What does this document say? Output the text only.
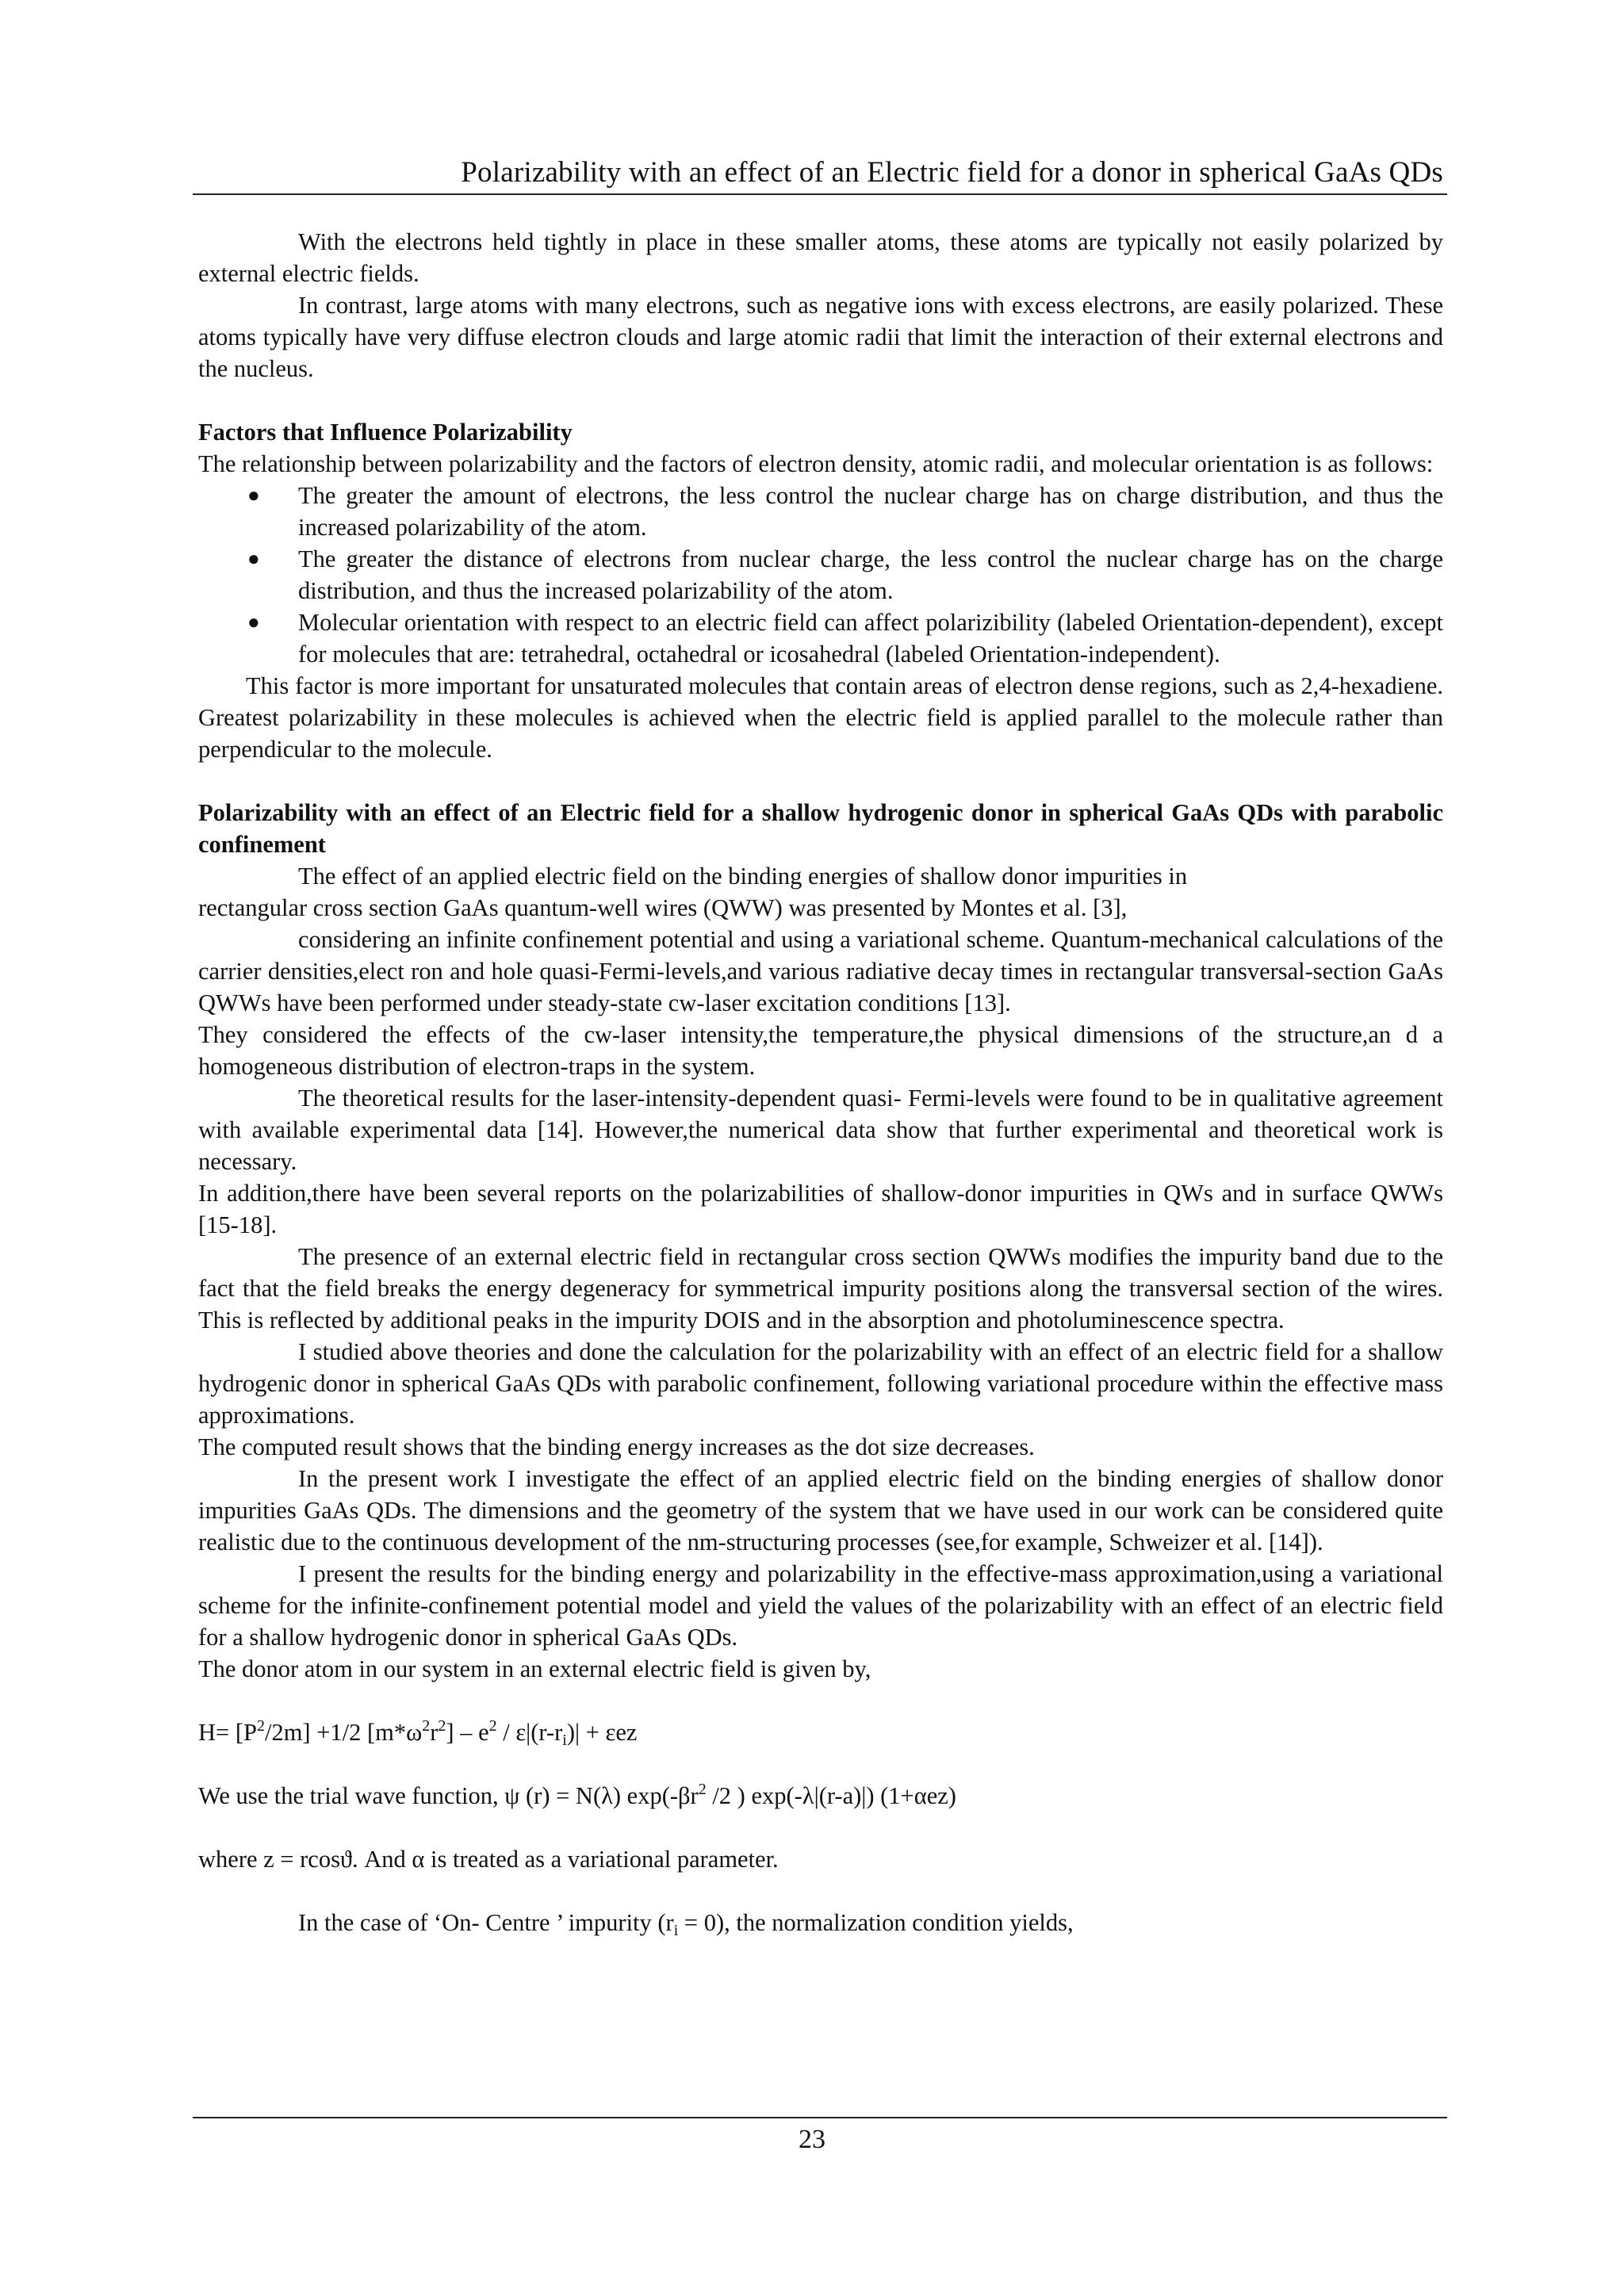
Polarizability with an effect of an Electric field for a donor in spherical GaAs QDs

With the electrons held tightly in place in these smaller atoms, these atoms are typically not easily polarized by external electric fields.

In contrast, large atoms with many electrons, such as negative ions with excess electrons, are easily polarized. These atoms typically have very diffuse electron clouds and large atomic radii that limit the interaction of their external electrons and the nucleus.

Factors that Influence Polarizability

The relationship between polarizability and the factors of electron density, atomic radii, and molecular orientation is as follows:

● The greater the amount of electrons, the less control the nuclear charge has on charge distribution, and thus the increased polarizability of the atom.
● The greater the distance of electrons from nuclear charge, the less control the nuclear charge has on the charge distribution, and thus the increased polarizability of the atom.
● Molecular orientation with respect to an electric field can affect polarizibility (labeled Orientation-dependent), except for molecules that are: tetrahedral, octahedral or icosahedral (labeled Orientation-independent).

This factor is more important for unsaturated molecules that contain areas of electron dense regions, such as 2,4-hexadiene. Greatest polarizability in these molecules is achieved when the electric field is applied parallel to the molecule rather than perpendicular to the molecule.

Polarizability with an effect of an Electric field for a shallow hydrogenic donor in spherical GaAs QDs with parabolic confinement

The effect of an applied electric field on the binding energies of shallow donor impurities in

rectangular cross section GaAs quantum-well wires (QWW) was presented by Montes et al. [3],

considering an infinite confinement potential and using a variational scheme. Quantum-mechanical calculations of the carrier densities,elect ron and hole quasi-Fermi-levels,and various radiative decay times in rectangular transversal-section GaAs QWWs have been performed under steady-state cw-laser excitation conditions [13].

They considered the effects of the cw-laser intensity,the temperature,the physical dimensions of the structure,an d a homogeneous distribution of electron-traps in the system.

The theoretical results for the laser-intensity-dependent quasi- Fermi-levels were found to be in qualitative agreement with available experimental data [14]. However,the numerical data show that further experimental and theoretical work is necessary.

In addition,there have been several reports on the polarizabilities of shallow-donor impurities in QWs and in surface QWWs [15-18].

The presence of an external electric field in rectangular cross section QWWs modifies the impurity band due to the fact that the field breaks the energy degeneracy for symmetrical impurity positions along the transversal section of the wires. This is reflected by additional peaks in the impurity DOIS and in the absorption and photoluminescence spectra.

I studied above theories and done the calculation for the polarizability with an effect of an electric field for a shallow hydrogenic donor in spherical GaAs QDs with parabolic confinement, following variational procedure within the effective mass approximations.

The computed result shows that the binding energy increases as the dot size decreases.

In the present work I investigate the effect of an applied electric field on the binding energies of shallow donor impurities GaAs QDs. The dimensions and the geometry of the system that we have used in our work can be considered quite realistic due to the continuous development of the nm-structuring processes (see,for example, Schweizer et al. [14]).

I present the results for the binding energy and polarizability in the effective-mass approximation,using a variational scheme for the infinite-confinement potential model and yield the values of the polarizability with an effect of an electric field for a shallow hydrogenic donor in spherical GaAs QDs.

The donor atom in our system in an external electric field is given by,

$H= [P^2/2m] +1/2$ $[m*\omega^2r^2] - e^2 / \varepsilon|(r-r_i)| + \varepsilon ez$

We use the trial wave function, ψ (r) = N(λ) $\exp(-\beta r^2$ /2 ) exp(-λ|(r-a)|) (1+αez)

where z = rcosϑ. And α is treated as a variational parameter.

In the case of ‘On- Centre ’ impurity $(r_i = 0)$, the normalization condition yields,

23
